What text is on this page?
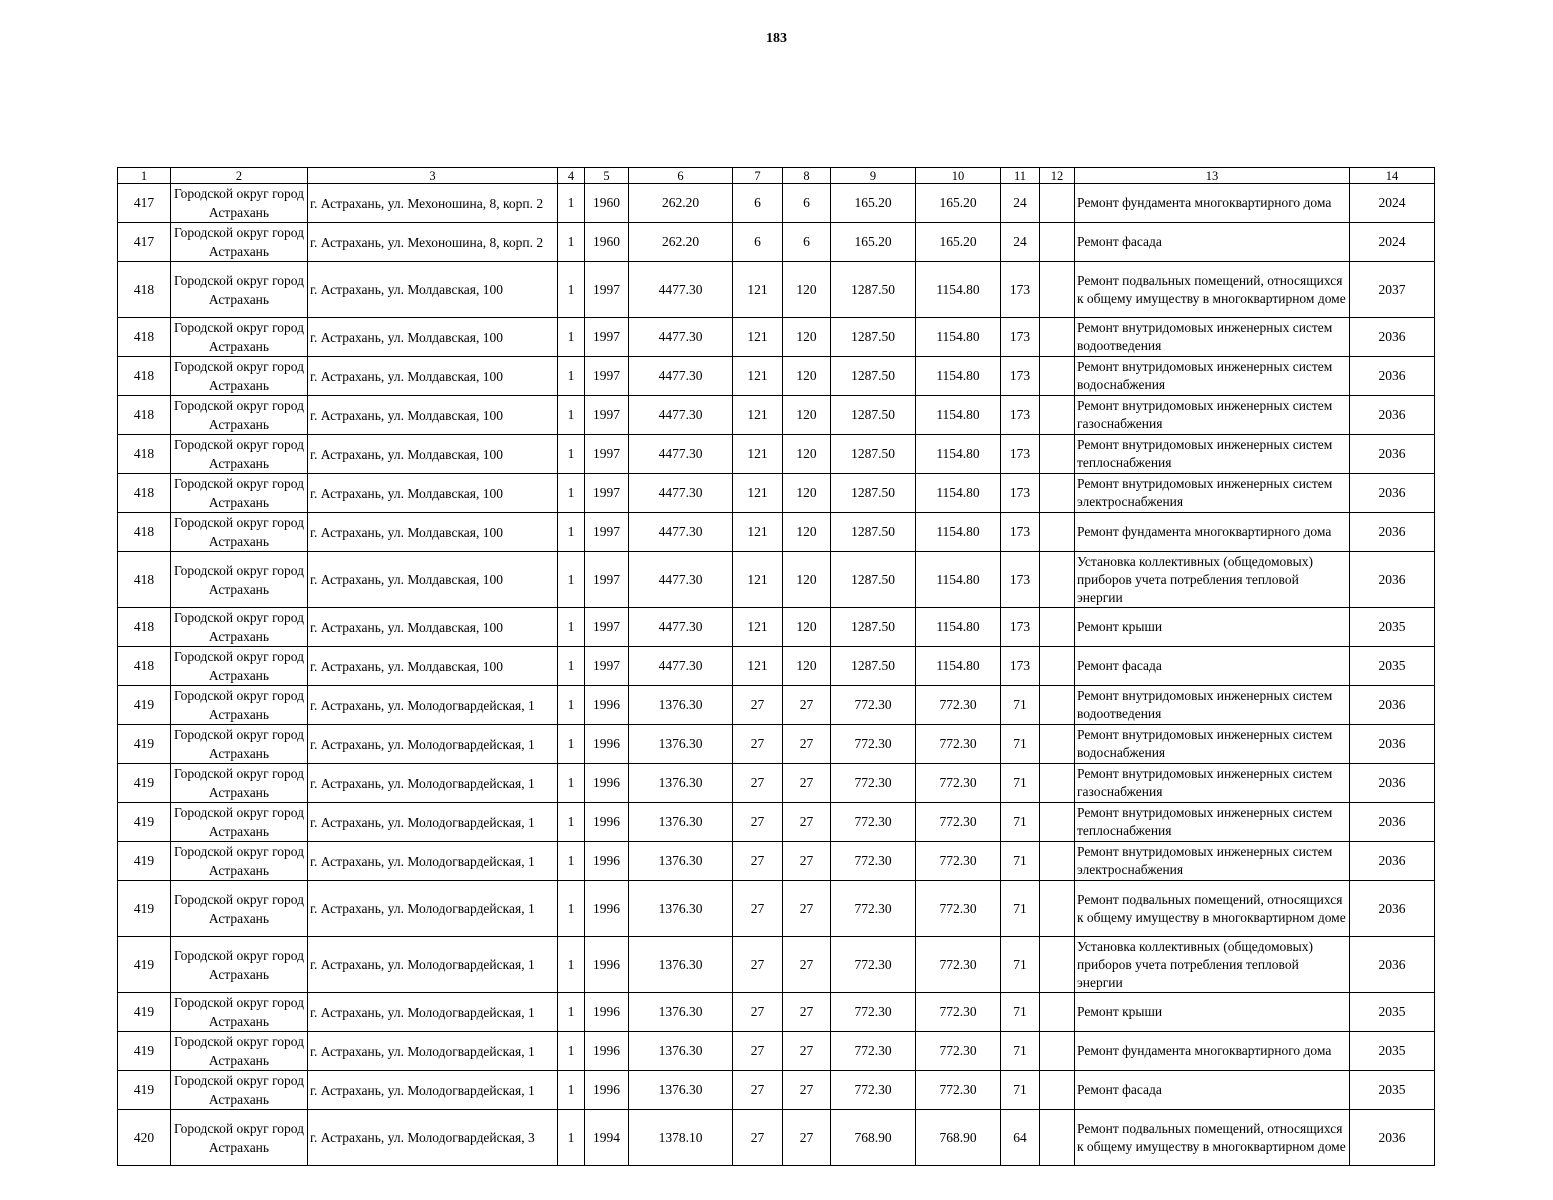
183
1	2	3	4	5	6	7	8	9	10	11	12	13	14
417	Городской округ город Астрахань	г. Астрахань, ул. Мехоношина, 8, корп. 2	1	1960	262.20	6	6	165.20	165.20	24		Ремонт фундамента многоквартирного дома	2024
417	Городской округ город Астрахань	г. Астрахань, ул. Мехоношина, 8, корп. 2	1	1960	262.20	6	6	165.20	165.20	24		Ремонт фасада	2024
418	Городской округ город Астрахань	г. Астрахань, ул. Молдавская, 100	1	1997	4477.30	121	120	1287.50	1154.80	173		Ремонт подвальных помещений, относящихся к общему имуществу в многоквартирном доме	2037
418	Городской округ город Астрахань	г. Астрахань, ул. Молдавская, 100	1	1997	4477.30	121	120	1287.50	1154.80	173		Ремонт внутридомовых инженерных систем водоотведения	2036
418	Городской округ город Астрахань	г. Астрахань, ул. Молдавская, 100	1	1997	4477.30	121	120	1287.50	1154.80	173		Ремонт внутридомовых инженерных систем водоснабжения	2036
418	Городской округ город Астрахань	г. Астрахань, ул. Молдавская, 100	1	1997	4477.30	121	120	1287.50	1154.80	173		Ремонт внутридомовых инженерных систем газоснабжения	2036
418	Городской округ город Астрахань	г. Астрахань, ул. Молдавская, 100	1	1997	4477.30	121	120	1287.50	1154.80	173		Ремонт внутридомовых инженерных систем теплоснабжения	2036
418	Городской округ город Астрахань	г. Астрахань, ул. Молдавская, 100	1	1997	4477.30	121	120	1287.50	1154.80	173		Ремонт внутридомовых инженерных систем электроснабжения	2036
418	Городской округ город Астрахань	г. Астрахань, ул. Молдавская, 100	1	1997	4477.30	121	120	1287.50	1154.80	173		Ремонт фундамента многоквартирного дома	2036
418	Городской округ город Астрахань	г. Астрахань, ул. Молдавская, 100	1	1997	4477.30	121	120	1287.50	1154.80	173		Установка коллективных (общедомовых) приборов учета потребления тепловой энергии	2036
418	Городской округ город Астрахань	г. Астрахань, ул. Молдавская, 100	1	1997	4477.30	121	120	1287.50	1154.80	173		Ремонт крыши	2035
418	Городской округ город Астрахань	г. Астрахань, ул. Молдавская, 100	1	1997	4477.30	121	120	1287.50	1154.80	173		Ремонт фасада	2035
419	Городской округ город Астрахань	г. Астрахань, ул. Молодогвардейская, 1	1	1996	1376.30	27	27	772.30	772.30	71		Ремонт внутридомовых инженерных систем водоотведения	2036
419	Городской округ город Астрахань	г. Астрахань, ул. Молодогвардейская, 1	1	1996	1376.30	27	27	772.30	772.30	71		Ремонт внутридомовых инженерных систем водоснабжения	2036
419	Городской округ город Астрахань	г. Астрахань, ул. Молодогвардейская, 1	1	1996	1376.30	27	27	772.30	772.30	71		Ремонт внутридомовых инженерных систем газоснабжения	2036
419	Городской округ город Астрахань	г. Астрахань, ул. Молодогвардейская, 1	1	1996	1376.30	27	27	772.30	772.30	71		Ремонт внутридомовых инженерных систем теплоснабжения	2036
419	Городской округ город Астрахань	г. Астрахань, ул. Молодогвардейская, 1	1	1996	1376.30	27	27	772.30	772.30	71		Ремонт внутридомовых инженерных систем электроснабжения	2036
419	Городской округ город Астрахань	г. Астрахань, ул. Молодогвардейская, 1	1	1996	1376.30	27	27	772.30	772.30	71		Ремонт подвальных помещений, относящихся к общему имуществу в многоквартирном доме	2036
419	Городской округ город Астрахань	г. Астрахань, ул. Молодогвардейская, 1	1	1996	1376.30	27	27	772.30	772.30	71		Установка коллективных (общедомовых) приборов учета потребления тепловой энергии	2036
419	Городской округ город Астрахань	г. Астрахань, ул. Молодогвардейская, 1	1	1996	1376.30	27	27	772.30	772.30	71		Ремонт крыши	2035
419	Городской округ город Астрахань	г. Астрахань, ул. Молодогвардейская, 1	1	1996	1376.30	27	27	772.30	772.30	71		Ремонт фундамента многоквартирного дома	2035
419	Городской округ город Астрахань	г. Астрахань, ул. Молодогвардейская, 1	1	1996	1376.30	27	27	772.30	772.30	71		Ремонт фасада	2035
420	Городской округ город Астрахань	г. Астрахань, ул. Молодогвардейская, 3	1	1994	1378.10	27	27	768.90	768.90	64		Ремонт подвальных помещений, относящихся к общему имуществу в многоквартирном доме	2036
